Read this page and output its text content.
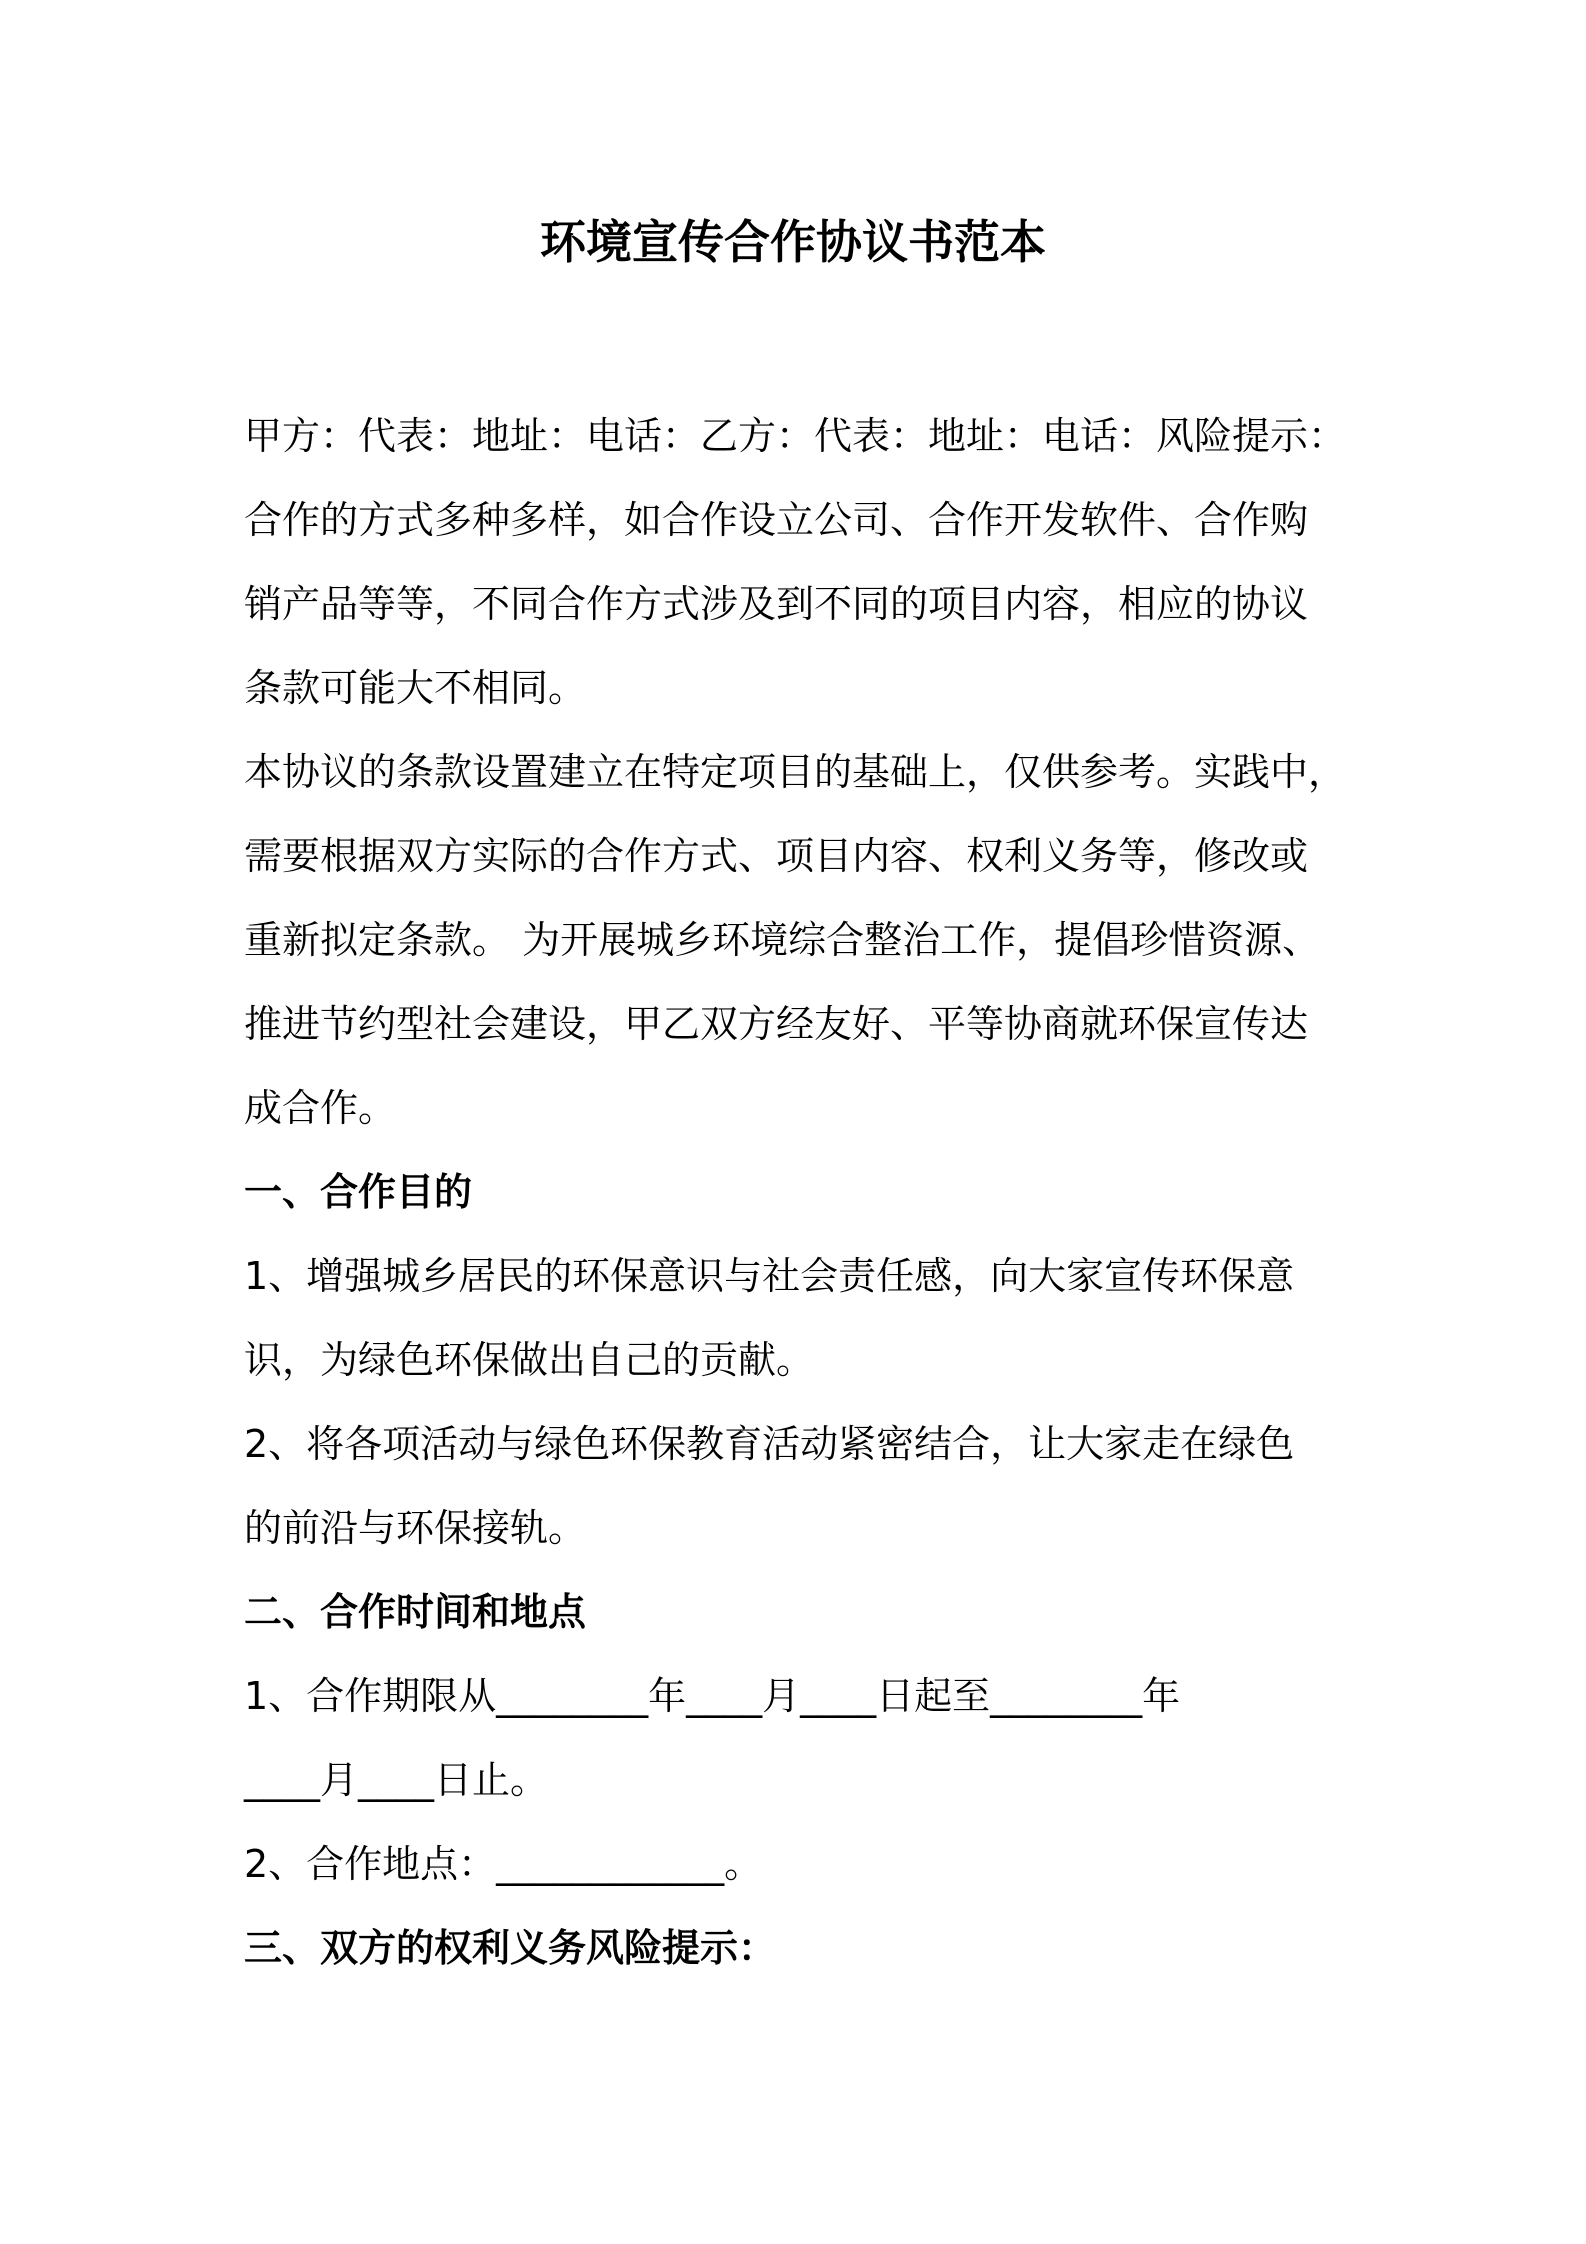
环境宣传合作协议书范本
甲方：代表：地址：电话：乙方：代表：地址：电话：风险提示：
合作的方式多种多样，如合作设立公司、合作开发软件、合作购
销产品等等，不同合作方式涉及到不同的项目内容，相应的协议
条款可能大不相同。
本协议的条款设置建立在特定项目的基础上，仅供参考。实践中，
需要根据双方实际的合作方式、项目内容、权利义务等，修改或
重新拟定条款。 为开展城乡环境综合整治工作，提倡珍惜资源、
推进节约型社会建设，甲乙双方经友好、平等协商就环保宣传达
成合作。
一、合作目的
1、增强城乡居民的环保意识与社会责任感，向大家宣传环保意
识，为绿色环保做出自己的贡献。
2、将各项活动与绿色环保教育活动紧密结合，让大家走在绿色
的前沿与环保接轨。
二、合作时间和地点
1、合作期限从________年____月____日起至________年
____月____日止。
2、合作地点：____________。
三、双方的权利义务风险提示：
